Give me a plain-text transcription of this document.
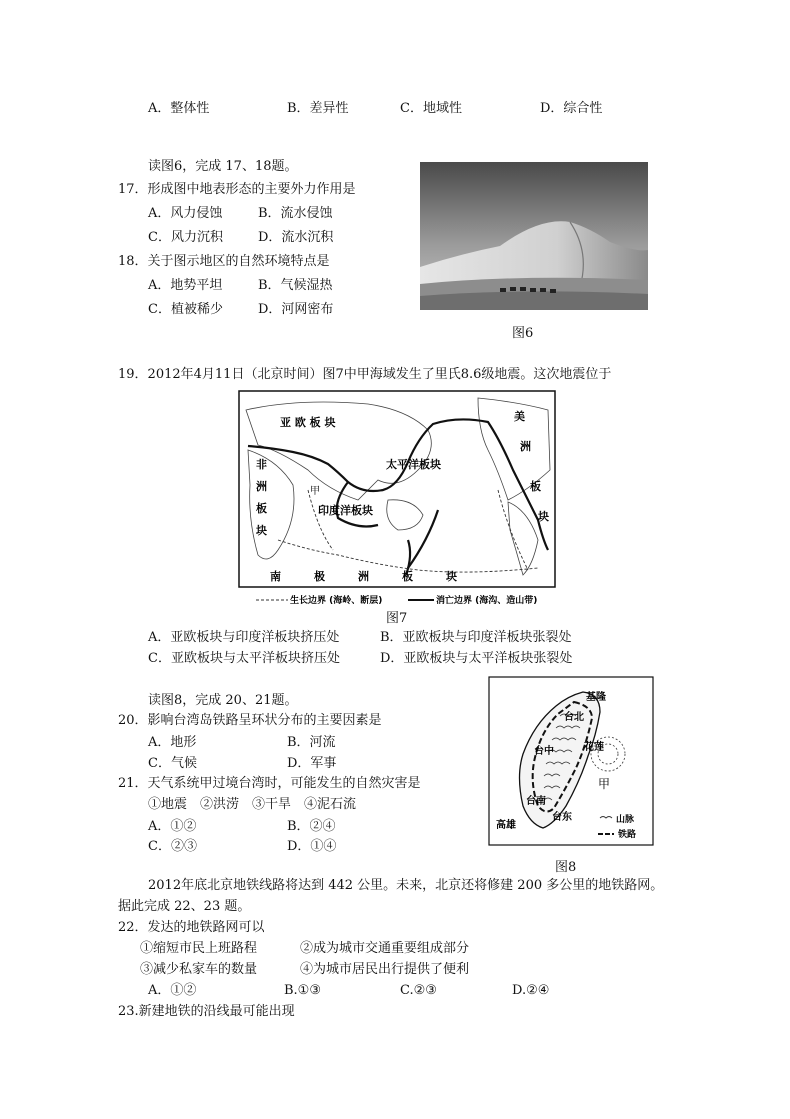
A．整体性	B．差异性	C．地域性	D．综合性
读图6，完成 17、18题。
17．形成图中地表形态的主要外力作用是
A．风力侵蚀	B．流水侵蚀
C．风力沉积	D．流水沉积
18．关于图示地区的自然环境特点是
A．地势平坦	B．气候湿热
C．植被稀少	D．河网密布
图6
19．2012年4月11日（北京时间）图7中甲海域发生了里氏8.6级地震。这次地震位于
亚 欧 板 块
太平洋板块
印度洋板块
南　　　极　　　洲　　　板　　　块
非
洲
板
块
美
洲
板
块
甲
生长边界 (海岭、断层)	消亡边界 (海沟、造山带)
图7
A．亚欧板块与印度洋板块挤压处	B．亚欧板块与印度洋板块张裂处
C．亚欧板块与太平洋板块挤压处	D．亚欧板块与太平洋板块张裂处
读图8，完成 20、21题。
20．影响台湾岛铁路呈环状分布的主要因素是
A．地形	B．河流
C．气候	D．军事
21．天气系统甲过境台湾时，可能发生的自然灾害是
①地震　②洪涝　③干旱　④泥石流
A．①②	B．②④
C．②③	D．①④
基隆
台北
台中	花莲
台南
台东
高雄
甲
山脉
铁路
图8
2012年底北京地铁线路将达到 442 公里。未来，北京还将修建 200 多公里的地铁路网。
据此完成 22、23 题。
22．发达的地铁路网可以
①缩短市民上班路程	②成为城市交通重要组成部分
③减少私家车的数量	④为城市居民出行提供了便利
A．①②	B.①③	C.②③	D.②④
23.新建地铁的沿线最可能出现
